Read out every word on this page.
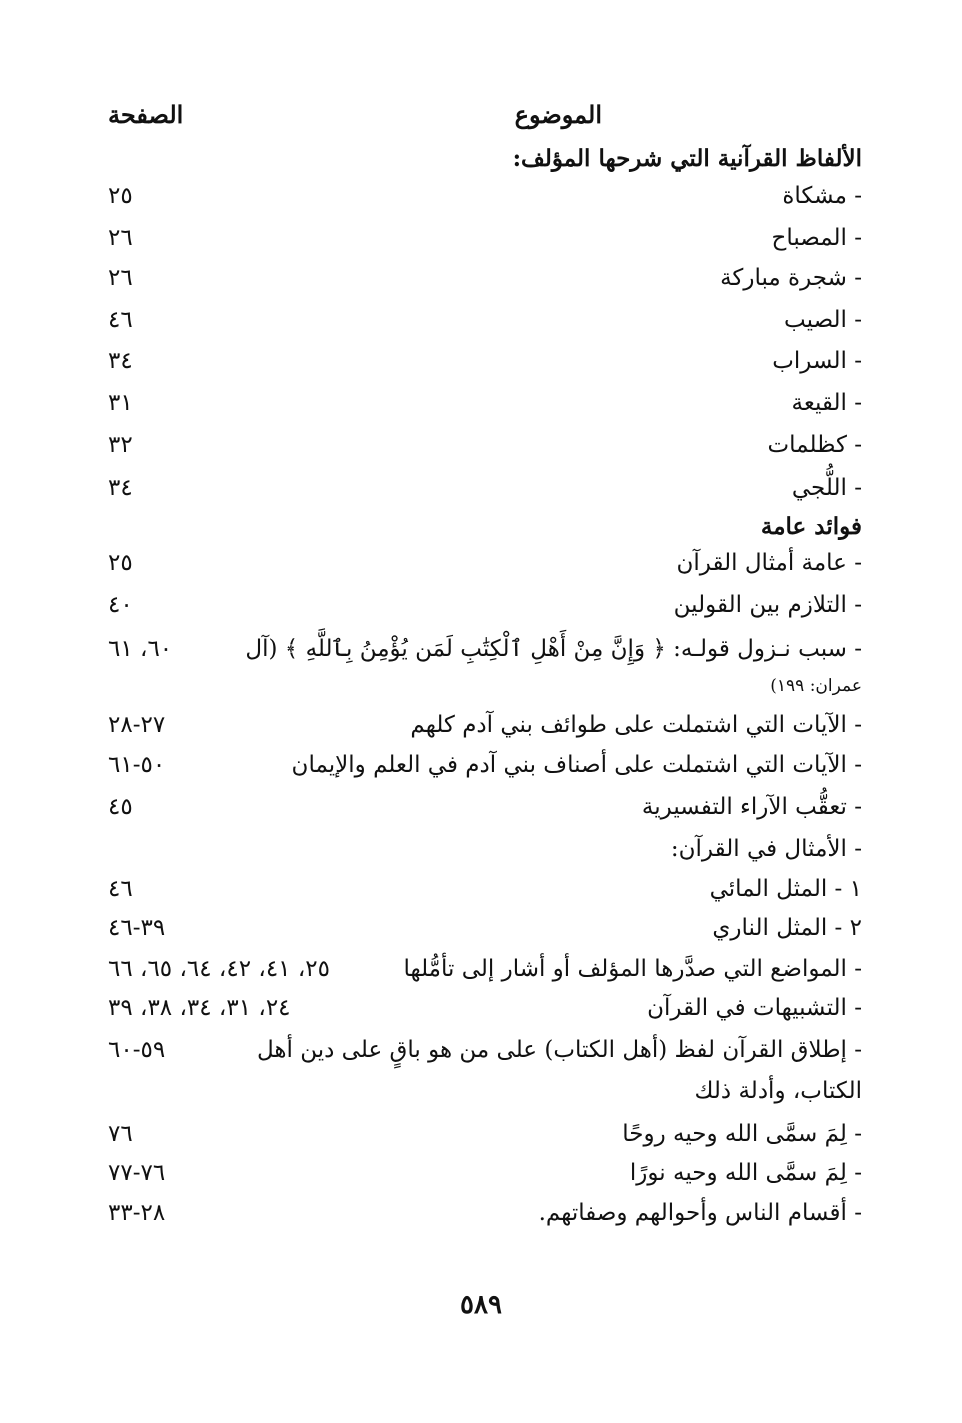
الموضوع
الصفحة
الألفاظ القرآنية التي شرحها المؤلف:
- مشكاة
٢٥
- المصباح
٢٦
- شجرة مباركة
٢٦
- الصيب
٤٦
- السراب
٣٤
- القيعة
٣١
- كظلمات
٣٢
- اللُّجي
٣٤
فوائد عامة
- عامة أمثال القرآن
٢٥
- التلازم بين القولين
٤٠
- سبب نـزول قولـه: ﴿ وَإِنَّ مِنْ أَهْلِ ٱلْكِتَٰبِ لَمَن يُؤْمِنُ بِٱللَّهِ ﴾ (آل
٦٠، ٦١
عمران: ١٩٩)
- الآيات التي اشتملت على طوائف بني آدم كلهم
٢٧-٢٨
- الآيات التي اشتملت على أصناف بني آدم في العلم والإيمان
٥٠-٦١
- تعقُّب الآراء التفسيرية
٤٥
- الأمثال في القرآن:
١ - المثل المائي
٤٦
٢ - المثل الناري
٣٩-٤٦
- المواضع التي صدَّرها المؤلف أو أشار إلى تأمُّلها
٢٥، ٤١، ٤٢، ٦٤، ٦٥، ٦٦
- التشبيهات في القرآن
٢٤، ٣١، ٣٤، ٣٨، ٣٩
- إطلاق القرآن لفظ (أهل الكتاب) على من هو باقٍ على دين أهل
٥٩-٦٠
الكتاب، وأدلة ذلك
- لِمَ سمَّى الله وحيه روحًا
٧٦
- لِمَ سمَّى الله وحيه نورًا
٧٦-٧٧
- أقسام الناس وأحوالهم وصفاتهم.
٢٨-٣٣
٥٨٩
